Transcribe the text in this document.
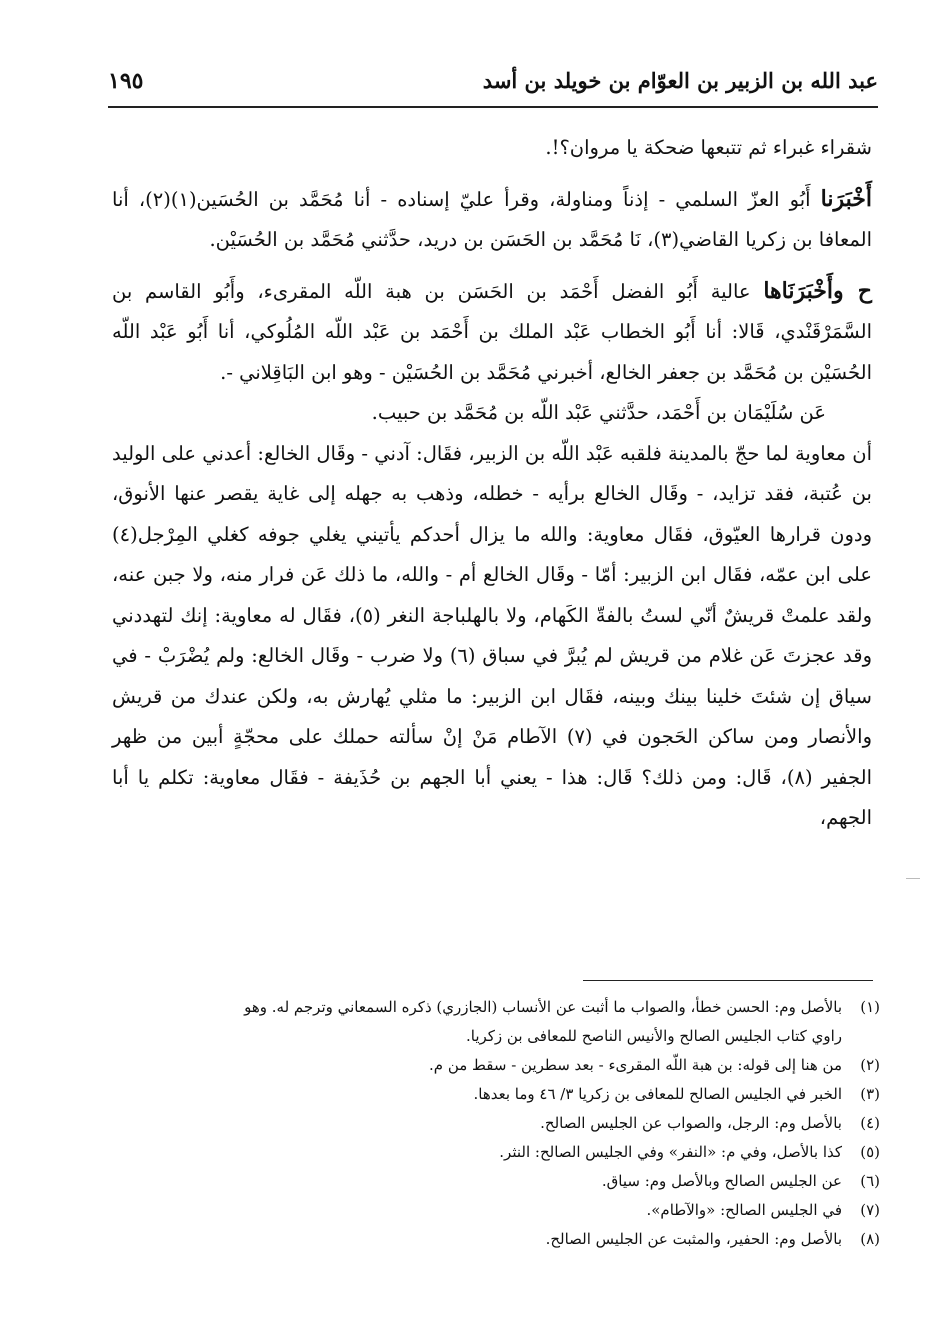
عبد الله بن الزبير بن العوّام بن خويلد بن أسد
١٩٥

شقراء غبراء ثم تتبعها ضحكة يا مروان؟!.

أَخْبَرَنا أَبُو العزّ السلمي - إذناً ومناولة، وقرأ عليّ إسناده - أنا مُحَمَّد بن الحُسَين(١)(٢)، أنا المعافا بن زكريا القاضي(٣)، نَا مُحَمَّد بن الحَسَن بن دريد، حدَّثني مُحَمَّد بن الحُسَيْن.

ح وأَخْبَرَنَاها عالية أَبُو الفضل أَحْمَد بن الحَسَن بن هبة اللّه المقرىء، وأَبُو القاسم بن السَّمَرْقَنْدي، قَالا: أنا أَبُو الخطاب عَبْد الملك بن أَحْمَد بن عَبْد اللّه المُلُوكي، أنا أَبُو عَبْد اللّه الحُسَيْن بن مُحَمَّد بن جعفر الخالع، أخبرني مُحَمَّد بن الحُسَيْن - وهو ابن البَاقِلاني -.

عَن سُلَيْمَان بن أَحْمَد، حدَّثني عَبْد اللّه بن مُحَمَّد بن حبيب.

أن معاوية لما حجّ بالمدينة فلقبه عَبْد اللّه بن الزبير، فقَال: آدني - وقَال الخالع: أعدني على الوليد بن عُتبة، فقد تزايد، - وقَال الخالع برأيه - خطله، وذهب به جهله إلى غاية يقصر عنها الأنوق، ودون قرارها العيّوق، فقَال معاوية: والله ما يزال أحدكم يأتيني يغلي جوفه كغلي المِرْجل(٤) على ابن عمّه، فقَال ابن الزبير: أمّا - وقَال الخالع أم - والله، ما ذلك عَن فرار منه، ولا جبن عنه، ولقد علمتْ قريشٌ أنّي لستُ بالفةّ الكَهام، ولا بالهلباجة النغر (٥)، فقَال له معاوية: إنك لتهددني وقد عجزتَ عَن غلام من قريش لم يُبرَّ في سباق (٦) ولا ضرب - وقَال الخالع: ولم يُضْرَبْ - في سياق إن شئتَ خلينا بينك وبينه، فقَال ابن الزبير: ما مثلي يُهارش به، ولكن عندك من قريش والأنصار ومن ساكن الحَجون في (٧) الآطام مَنْ إنْ سألته حملك على محجّةٍ أبين من ظهر الجفير (٨)، قَال: ومن ذلك؟ قَال: هذا - يعني أبا الجهم بن حُذَيفة - فقَال معاوية: تكلم يا أبا الجهم،

(١)
بالأصل وم: الحسن خطأ، والصواب ما أثبت عن الأنساب (الجازري) ذكره السمعاني وترجم له. وهو
راوي كتاب الجليس الصالح والأنيس الناصح للمعافى بن زكريا.
(٢)
من هنا إلى قوله: بن هبة اللّه المقرىء - بعد سطرين - سقط من م.
(٣)
الخبر في الجليس الصالح للمعافى بن زكريا ٣/ ٤٦ وما بعدها.
(٤)
بالأصل وم: الرجل، والصواب عن الجليس الصالح.
(٥)
كذا بالأصل، وفي م: «النفر» وفي الجليس الصالح: النثر.
(٦)
عن الجليس الصالح وبالأصل وم: سياق.
(٧)
في الجليس الصالح: «والآطام».
(٨)
بالأصل وم: الحفير، والمثبت عن الجليس الصالح.
